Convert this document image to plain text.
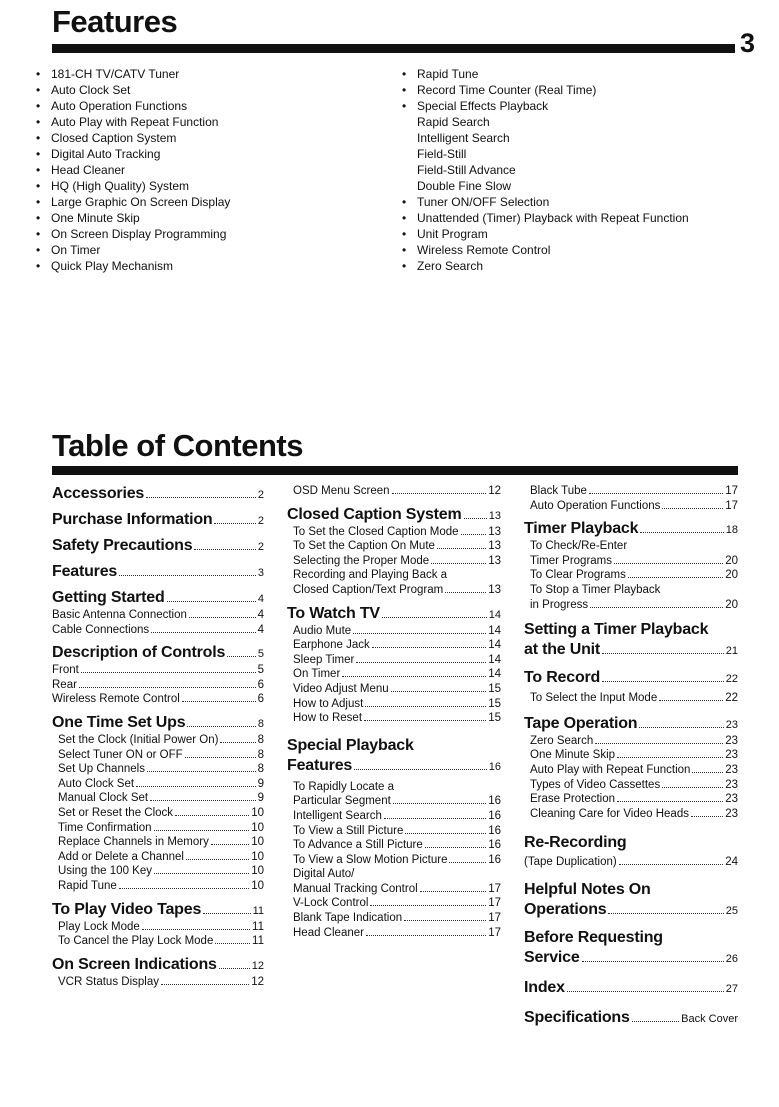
Features
3
• 181-CH TV/CATV Tuner
• Auto Clock Set
• Auto Operation Functions
• Auto Play with Repeat Function
• Closed Caption System
• Digital Auto Tracking
• Head Cleaner
• HQ (High Quality) System
• Large Graphic On Screen Display
• One Minute Skip
• On Screen Display Programming
• On Timer
• Quick Play Mechanism
• Rapid Tune
• Record Time Counter (Real Time)
• Special Effects Playback
Rapid Search
Intelligent Search
Field-Still
Field-Still Advance
Double Fine Slow
• Tuner ON/OFF Selection
• Unattended (Timer) Playback with Repeat Function
• Unit Program
• Wireless Remote Control
• Zero Search
Table of Contents
Accessories	2
Purchase Information	2
Safety Precautions	2
Features	3
Getting Started	4
Basic Antenna Connection	4
Cable Connections	4
Description of Controls	5
Front	5
Rear	6
Wireless Remote Control	6
One Time Set Ups	8
Set the Clock (Initial Power On)	8
Select Tuner ON or OFF	8
Set Up Channels	8
Auto Clock Set	9
Manual Clock Set	9
Set or Reset the Clock	10
Time Confirmation	10
Replace Channels in Memory	10
Add or Delete a Channel	10
Using the 100 Key	10
Rapid Tune	10
To Play Video Tapes	11
Play Lock Mode	11
To Cancel the Play Lock Mode	11
On Screen Indications	12
VCR Status Display	12
OSD Menu Screen	12
Closed Caption System 13
To Set the Closed Caption Mode	13
To Set the Caption On Mute	13
Selecting the Proper Mode	13
Recording and Playing Back a
Closed Caption/Text Program	13
To Watch TV	14
Audio Mute	14
Earphone Jack	14
Sleep Timer	14
On Timer	14
Video Adjust Menu	15
How to Adjust	15
How to Reset	15
Special Playback
Features	16
To Rapidly Locate a
Particular Segment	16
Intelligent Search	16
To View a Still Picture	16
To Advance a Still Picture	16
To View a Slow Motion Picture	16
Digital Auto/
Manual Tracking Control	17
V-Lock Control	17
Blank Tape Indication	17
Head Cleaner	17
Black Tube	17
Auto Operation Functions	17
Timer Playback	18
To Check/Re-Enter
Timer Programs	20
To Clear Programs	20
To Stop a Timer Playback
in Progress	20
Setting a Timer Playback
at the Unit	21
To Record	22
To Select the Input Mode	22
Tape Operation	23
Zero Search	23
One Minute Skip	23
Auto Play with Repeat Function	23
Types of Video Cassettes	23
Erase Protection	23
Cleaning Care for Video Heads	23
Re-Recording
(Tape Duplication)	24
Helpful Notes On
Operations	25
Before Requesting
Service	26
Index	27
Specifications	Back Cover
